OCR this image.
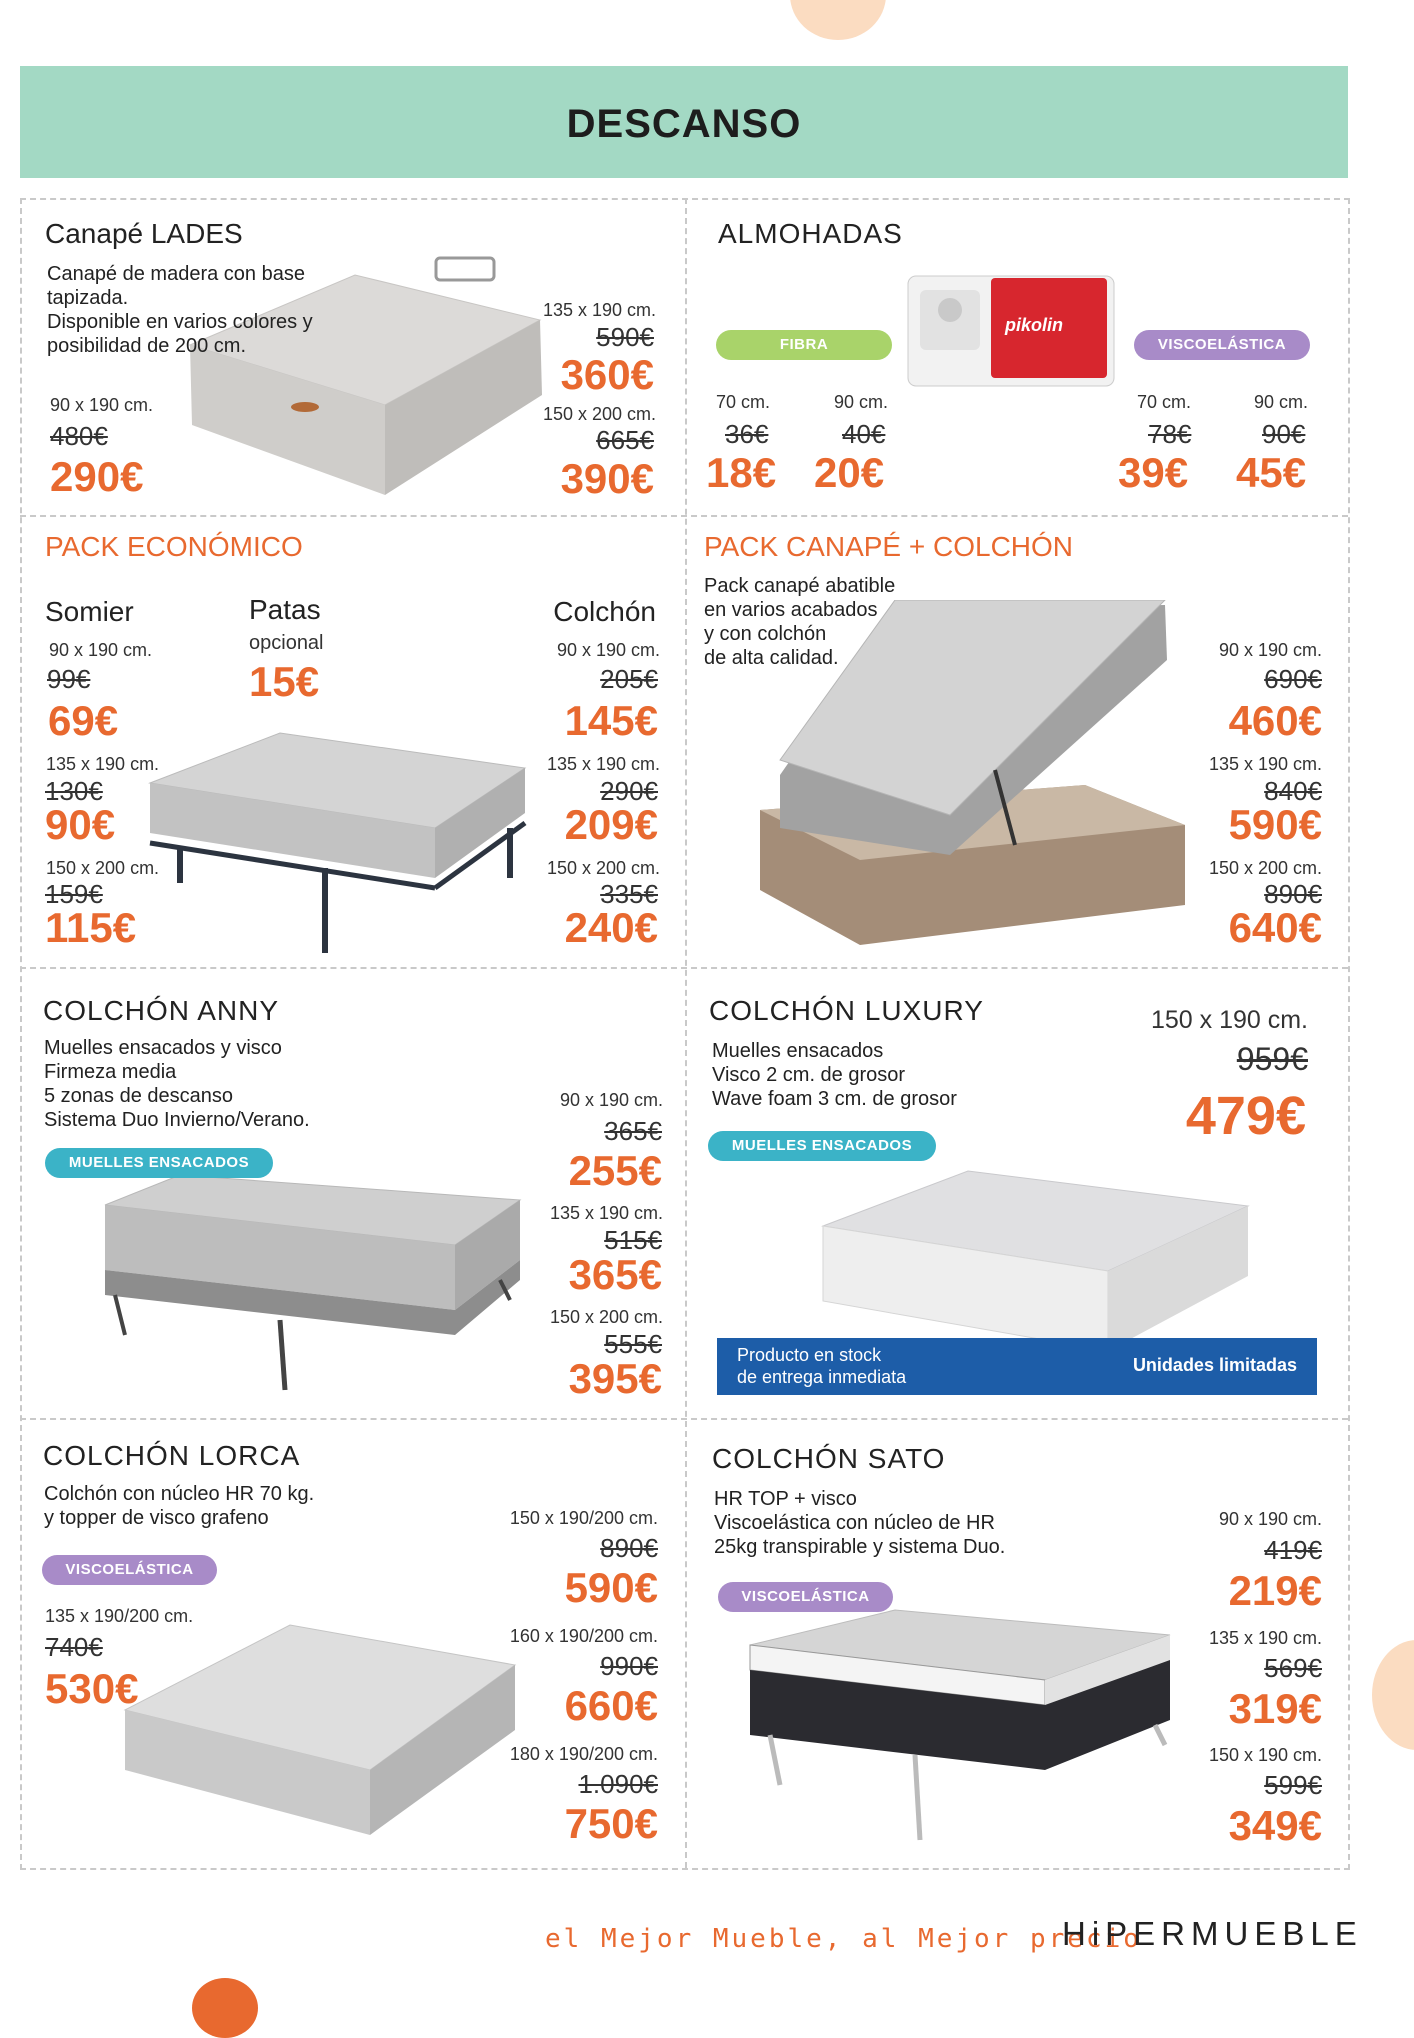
DESCANSO
Canapé LADES
Canapé de madera con base
tapizada.
Disponible en varios colores y
posibilidad de 200 cm.
90 x 190 cm.
480€
290€
135 x 190 cm.
590€
360€
150 x 200 cm.
665€
390€
ALMOHADAS
pikolin
FIBRA	VISCOELÁSTICA
70 cm.
36€
18€
90 cm.
40€
20€
70 cm.
78€
39€
90 cm.
90€
45€
PACK ECONÓMICO
Somier	Patas
opcional
15€
Colchón
90 x 190 cm.
99€
69€
135 x 190 cm.
130€
90€
150 x 200 cm.
159€
115€
90 x 190 cm.
205€
145€
135 x 190 cm.
290€
209€
150 x 200 cm.
335€
240€
PACK CANAPÉ + COLCHÓN
Pack canapé abatible
en varios acabados
y con colchón
de alta calidad.	90 x 190 cm.
690€
460€
135 x 190 cm.
840€
590€
150 x 200 cm.
890€
640€
COLCHÓN ANNY
Muelles ensacados y visco
Firmeza media
5 zonas de descanso
Sistema Duo Invierno/Verano.
MUELLES ENSACADOS
90 x 190 cm.
365€
255€
135 x 190 cm.
515€
365€
150 x 200 cm.
555€
395€
COLCHÓN LUXURY
Muelles ensacados
Visco 2 cm. de grosor
Wave foam 3 cm. de grosor
MUELLES ENSACADOS
150 x 190 cm.
959€
479€
Producto en stock
de entrega inmediata
Unidades limitadas
COLCHÓN LORCA
Colchón con núcleo HR 70 kg.
y topper de visco grafeno
VISCOELÁSTICA
135 x 190/200 cm.
740€
530€
150 x 190/200 cm.
890€
590€
160 x 190/200 cm.
990€
660€
180 x 190/200 cm.
1.090€
750€
COLCHÓN SATO
HR TOP + visco
Viscoelástica con núcleo de HR
25kg transpirable y sistema Duo.
VISCOELÁSTICA
90 x 190 cm.
419€
219€
135 x 190 cm.
569€
319€
150 x 190 cm.
599€
349€
el Mejor Mueble, al Mejor precio
HiPERMUEBLE
